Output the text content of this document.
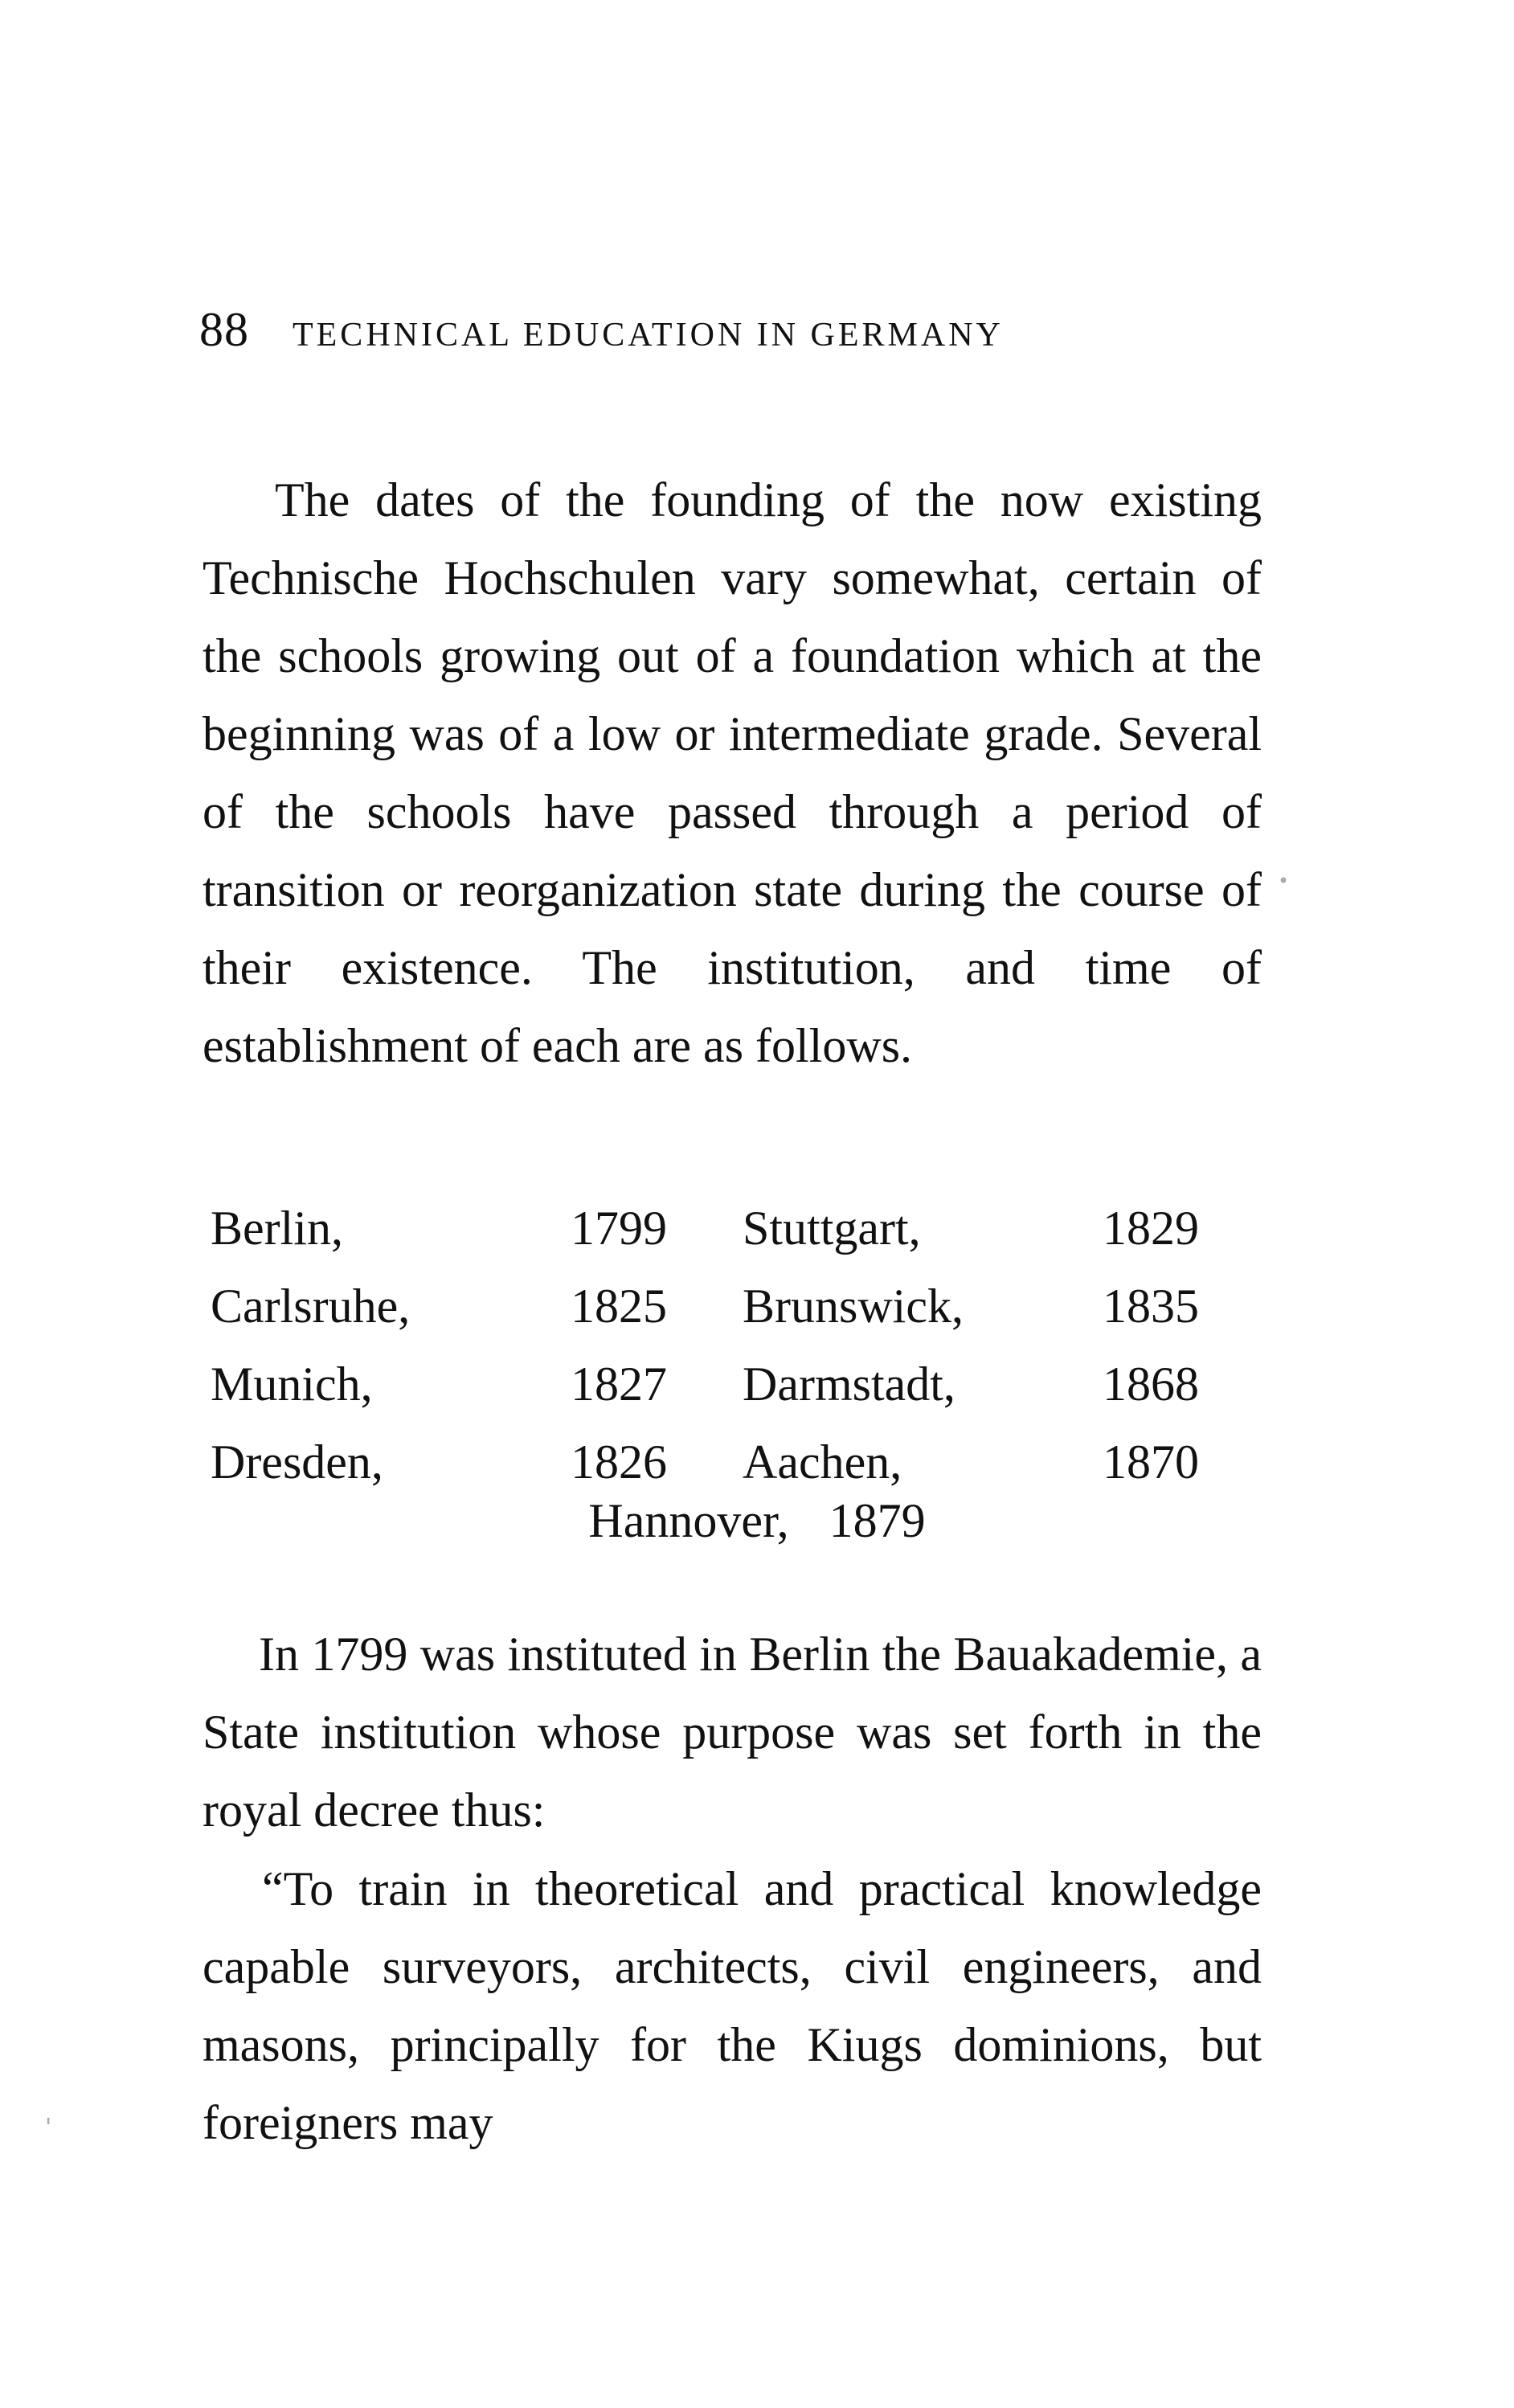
88 TECHNICAL EDUCATION IN GERMANY

The dates of the founding of the now existing Technische Hochschulen vary somewhat, certain of the schools growing out of a foundation which at the beginning was of a low or intermediate grade. Several of the schools have passed through a period of transition or reorganization state during the course of their existence. The institution, and time of establishment of each are as follows.

Berlin,	1799 Stuttgart,	1829
Carlsruhe,	1825 Brunswick,	1835
Munich,	1827 Darmstadt,	1868
Dresden,	1826 Aachen,	1870
Hannover, 1879

In 1799 was instituted in Berlin the Bauakademie, a State institution whose purpose was set forth in the royal decree thus:

“To train in theoretical and practical knowledge capable surveyors, architects, civil engineers, and masons, principally for the Kiugs dominions, but foreigners may

•
'
